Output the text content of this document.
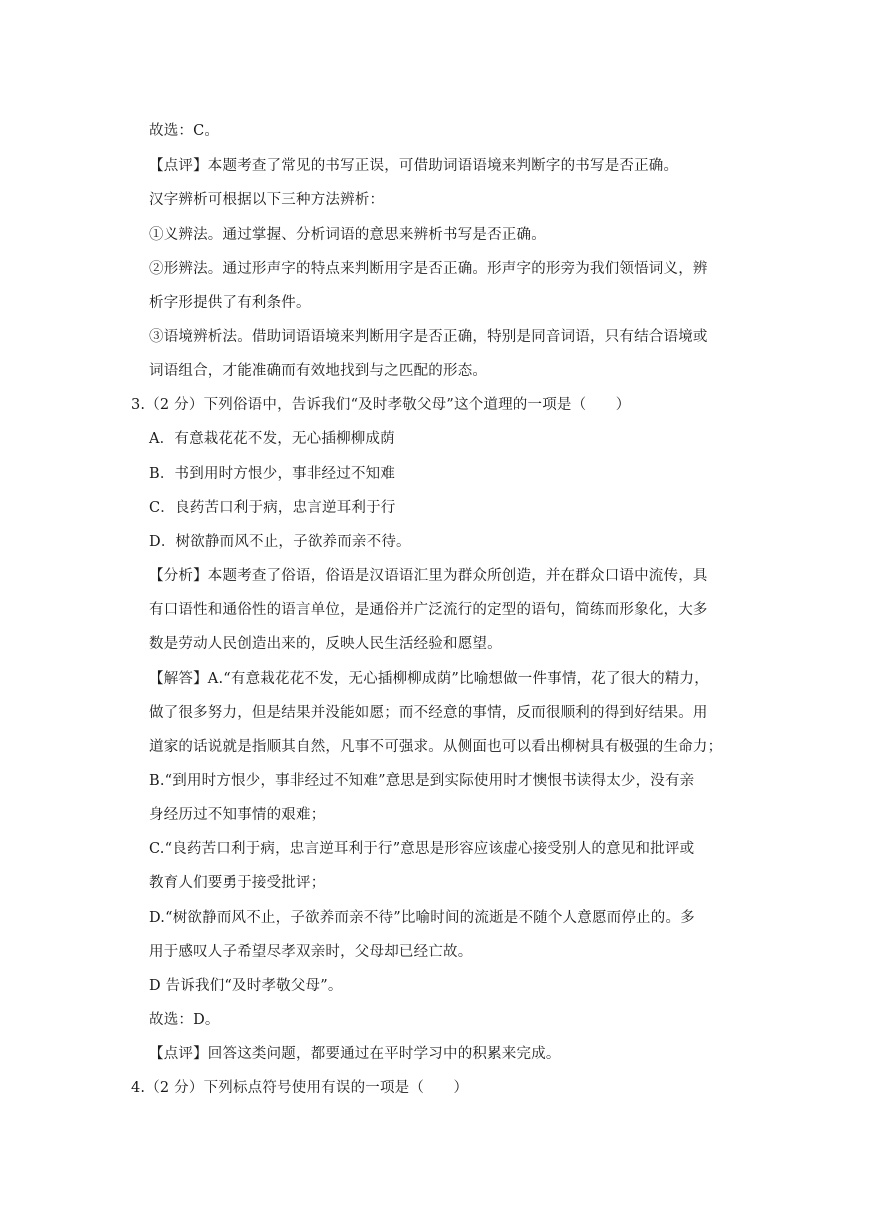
故选：C。
【点评】本题考查了常见的书写正误，可借助词语语境来判断字的书写是否正确。
汉字辨析可根据以下三种方法辨析：
①义辨法。通过掌握、分析词语的意思来辨析书写是否正确。
②形辨法。通过形声字的特点来判断用字是否正确。形声字的形旁为我们领悟词义，辨
析字形提供了有利条件。
③语境辨析法。借助词语语境来判断用字是否正确，特别是同音词语，只有结合语境或
词语组合，才能准确而有效地找到与之匹配的形态。
3.（2 分）下列俗语中，告诉我们“及时孝敬父母”这个道理的一项是（　　）
A．有意栽花花不发，无心插柳柳成荫
B．书到用时方恨少，事非经过不知难
C．良药苦口利于病，忠言逆耳利于行
D．树欲静而风不止，子欲养而亲不待。
【分析】本题考查了俗语，俗语是汉语语汇里为群众所创造，并在群众口语中流传，具
有口语性和通俗性的语言单位，是通俗并广泛流行的定型的语句，简练而形象化，大多
数是劳动人民创造出来的，反映人民生活经验和愿望。
【解答】A.“有意栽花花不发，无心插柳柳成荫”比喻想做一件事情，花了很大的精力，
做了很多努力，但是结果并没能如愿；而不经意的事情，反而很顺利的得到好结果。用
道家的话说就是指顺其自然，凡事不可强求。从侧面也可以看出柳树具有极强的生命力；
B.“到用时方恨少，事非经过不知难”意思是到实际使用时才懊恨书读得太少，没有亲
身经历过不知事情的艰难；
C.“良药苦口利于病，忠言逆耳利于行”意思是形容应该虚心接受别人的意见和批评或
教育人们要勇于接受批评；
D.“树欲静而风不止，子欲养而亲不待”比喻时间的流逝是不随个人意愿而停止的。多
用于感叹人子希望尽孝双亲时，父母却已经亡故。
D 告诉我们“及时孝敬父母”。
故选：D。
【点评】回答这类问题，都要通过在平时学习中的积累来完成。
4.（2 分）下列标点符号使用有误的一项是（　　）
